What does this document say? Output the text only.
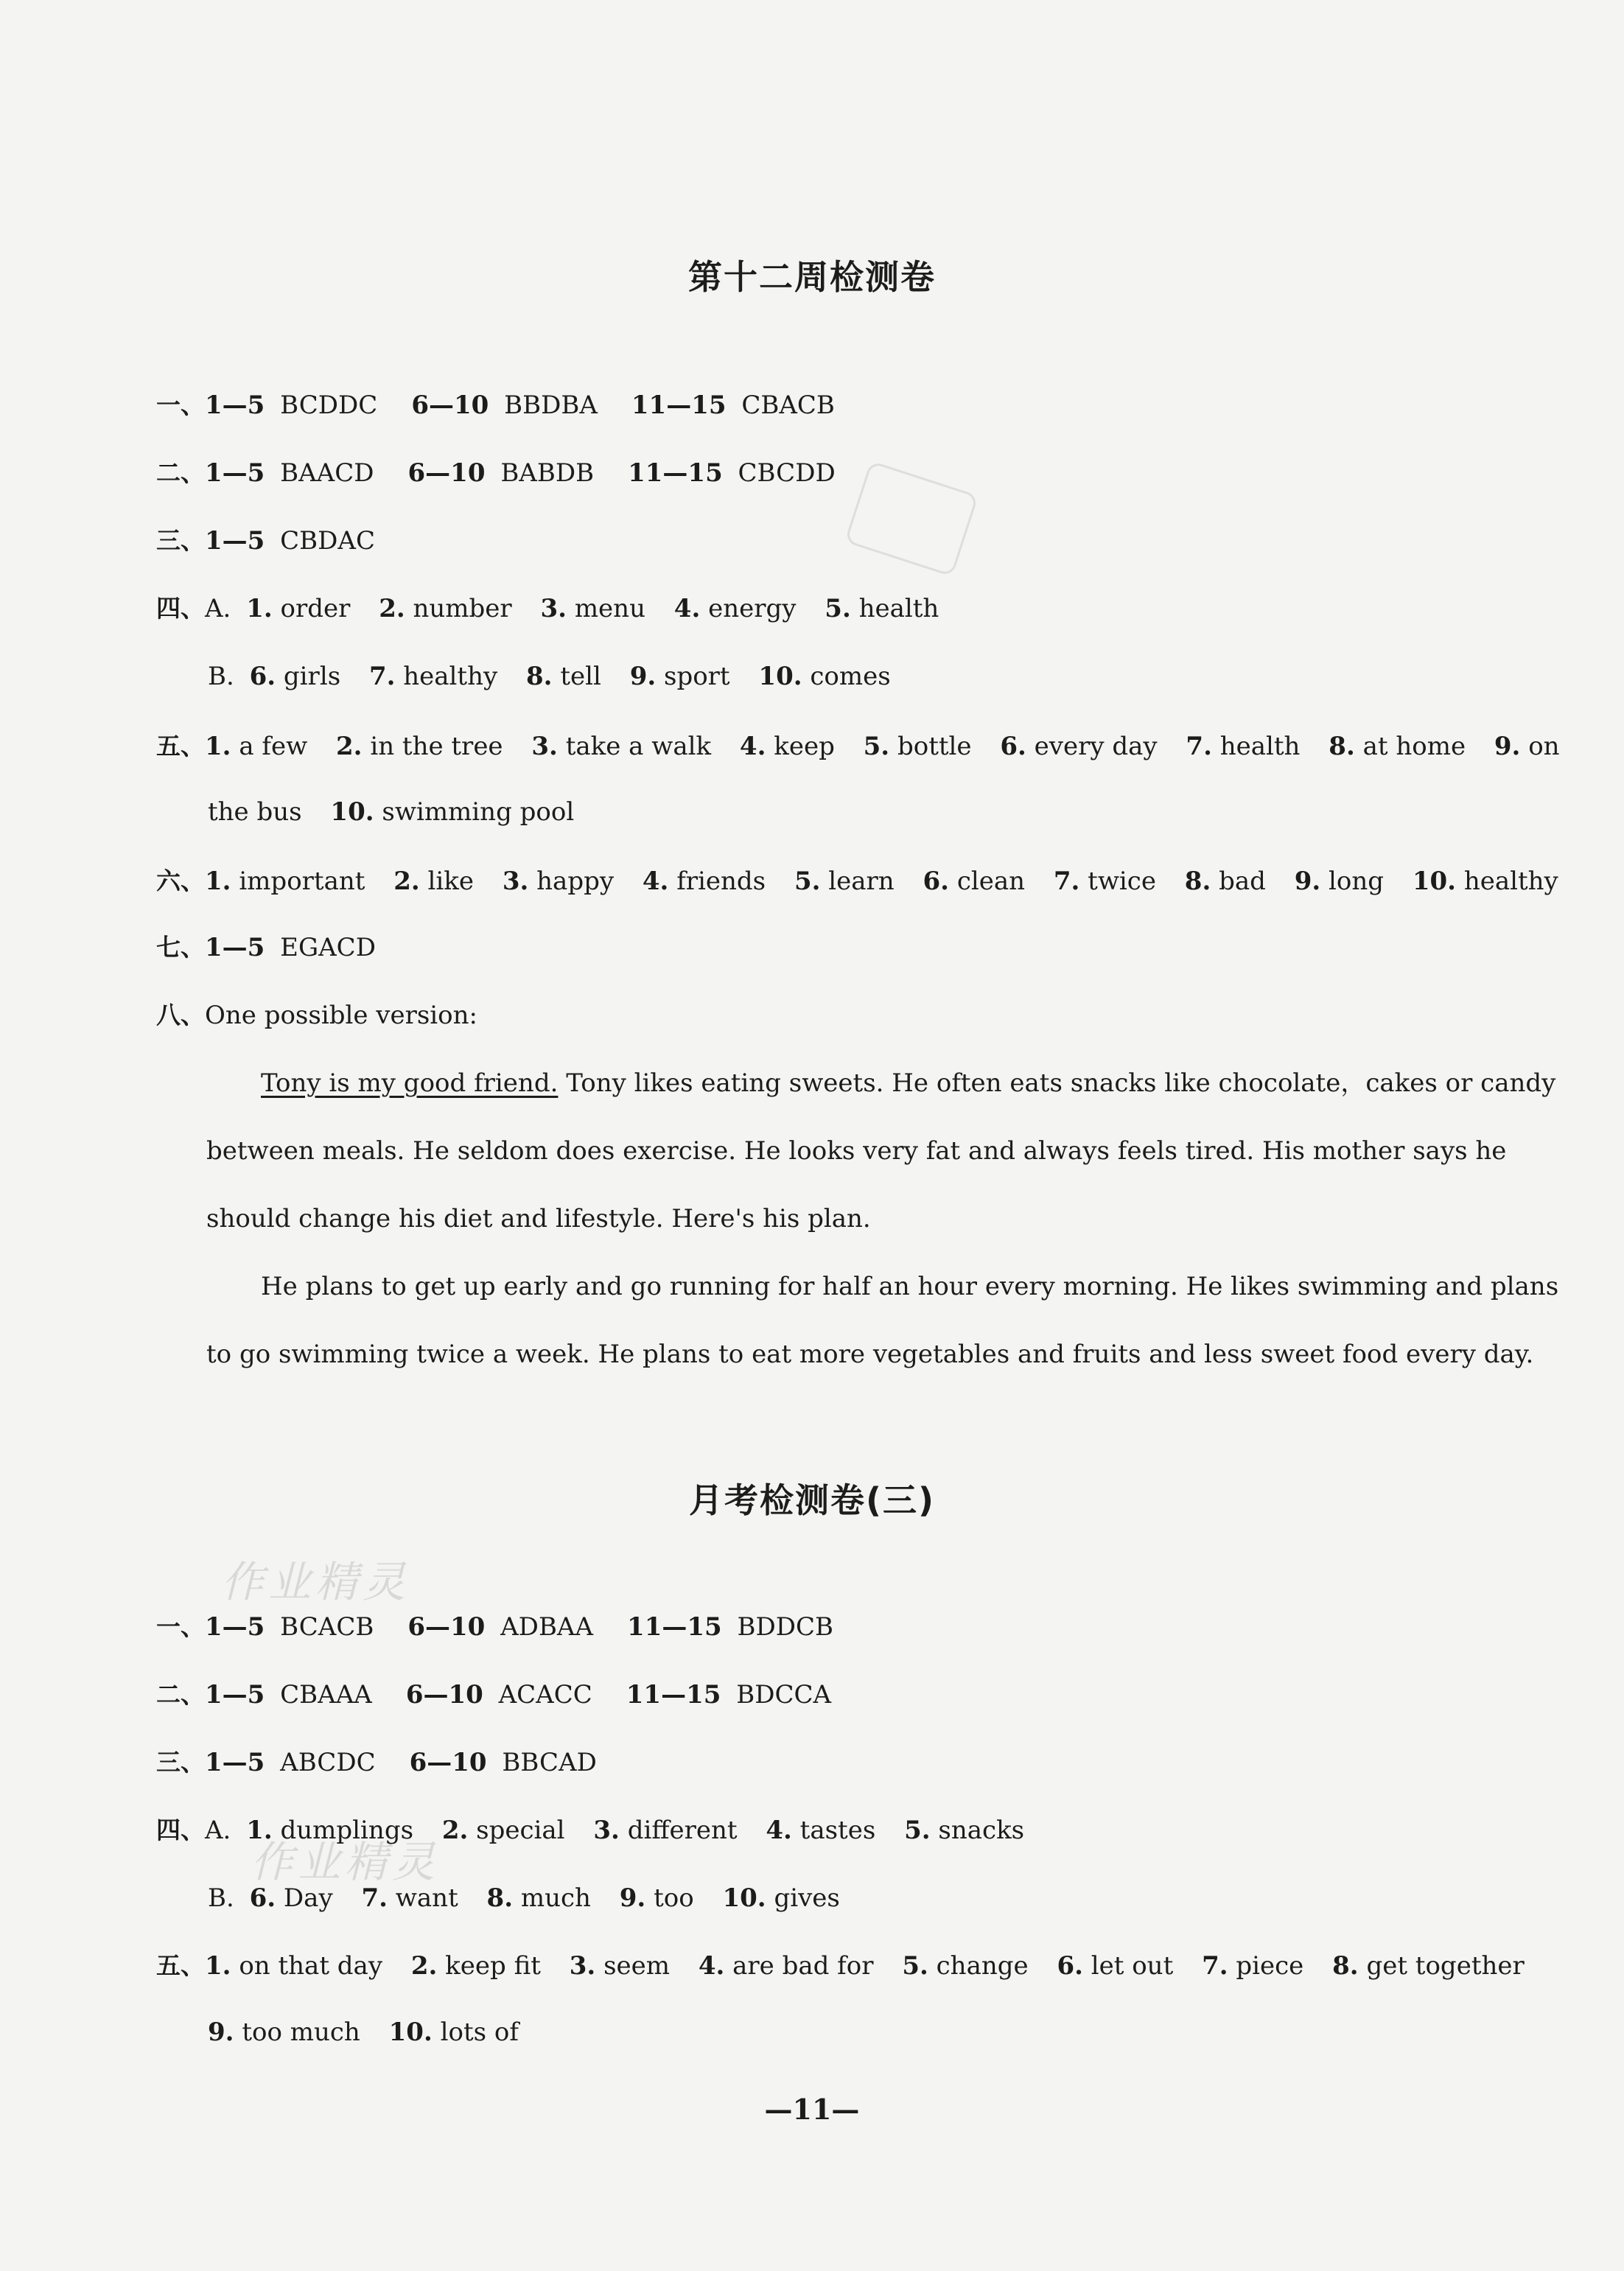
作业精灵
作业精灵
第十二周检测卷
一、1—5 BCDDC 6—10 BBDBA 11—15 CBACB
二、1—5 BAACD 6—10 BABDB 11—15 CBCDD
三、1—5 CBDAC
四、A. 1. order 2. number 3. menu 4. energy 5. health
B. 6. girls 7. healthy 8. tell 9. sport 10. comes
五、1. a few 2. in the tree 3. take a walk 4. keep 5. bottle 6. every day 7. health 8. at home 9. on
the bus 10. swimming pool
六、1. important 2. like 3. happy 4. friends 5. learn 6. clean 7. twice 8. bad 9. long 10. healthy
七、1—5 EGACD
八、One possible version:
Tony is my good friend. Tony likes eating sweets. He often eats snacks like chocolate，cakes or candy
between meals. He seldom does exercise. He looks very fat and always feels tired. His mother says he
should change his diet and lifestyle. Here's his plan.
He plans to get up early and go running for half an hour every morning. He likes swimming and plans
to go swimming twice a week. He plans to eat more vegetables and fruits and less sweet food every day.
月考检测卷(三)
一、1—5 BCACB 6—10 ADBAA 11—15 BDDCB
二、1—5 CBAAA 6—10 ACACC 11—15 BDCCA
三、1—5 ABCDC 6—10 BBCAD
四、A. 1. dumplings 2. special 3. different 4. tastes 5. snacks
B. 6. Day 7. want 8. much 9. too 10. gives
五、1. on that day 2. keep fit 3. seem 4. are bad for 5. change 6. let out 7. piece 8. get together
9. too much 10. lots of
—11—
